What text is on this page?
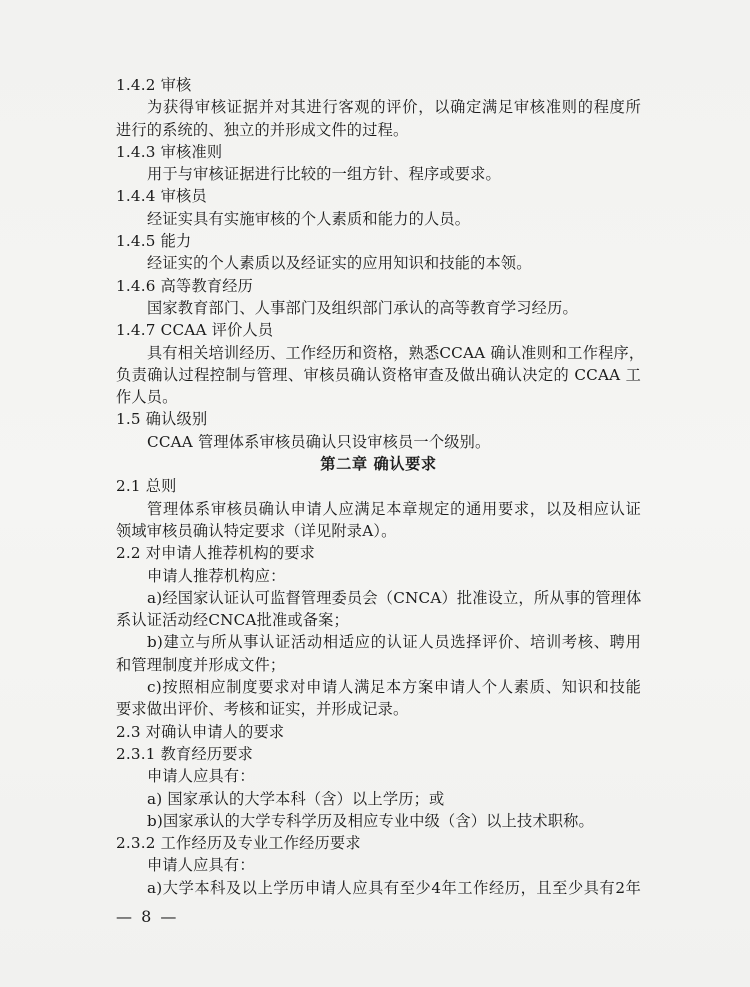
1.4.2 审核
为获得审核证据并对其进行客观的评价，以确定满足审核准则的程度所
进行的系统的、独立的并形成文件的过程。
1.4.3 审核准则
用于与审核证据进行比较的一组方针、程序或要求。
1.4.4 审核员
经证实具有实施审核的个人素质和能力的人员。
1.4.5 能力
经证实的个人素质以及经证实的应用知识和技能的本领。
1.4.6 高等教育经历
国家教育部门、人事部门及组织部门承认的高等教育学习经历。
1.4.7 CCAA 评价人员
具有相关培训经历、工作经历和资格，熟悉CCAA 确认准则和工作程序，
负责确认过程控制与管理、审核员确认资格审查及做出确认决定的 CCAA 工
作人员。
1.5 确认级别
CCAA 管理体系审核员确认只设审核员一个级别。
第二章 确认要求
2.1 总则
管理体系审核员确认申请人应满足本章规定的通用要求，以及相应认证
领域审核员确认特定要求（详见附录A）。
2.2 对申请人推荐机构的要求
申请人推荐机构应：
a)经国家认证认可监督管理委员会（CNCA）批准设立，所从事的管理体
系认证活动经CNCA批准或备案；
b)建立与所从事认证活动相适应的认证人员选择评价、培训考核、聘用
和管理制度并形成文件；
c)按照相应制度要求对申请人满足本方案申请人个人素质、知识和技能
要求做出评价、考核和证实，并形成记录。
2.3 对确认申请人的要求
2.3.1 教育经历要求
申请人应具有：
a) 国家承认的大学本科（含）以上学历；或
b)国家承认的大学专科学历及相应专业中级（含）以上技术职称。
2.3.2 工作经历及专业工作经历要求
申请人应具有：
a)大学本科及以上学历申请人应具有至少4年工作经历，且至少具有2年
— 8 —
